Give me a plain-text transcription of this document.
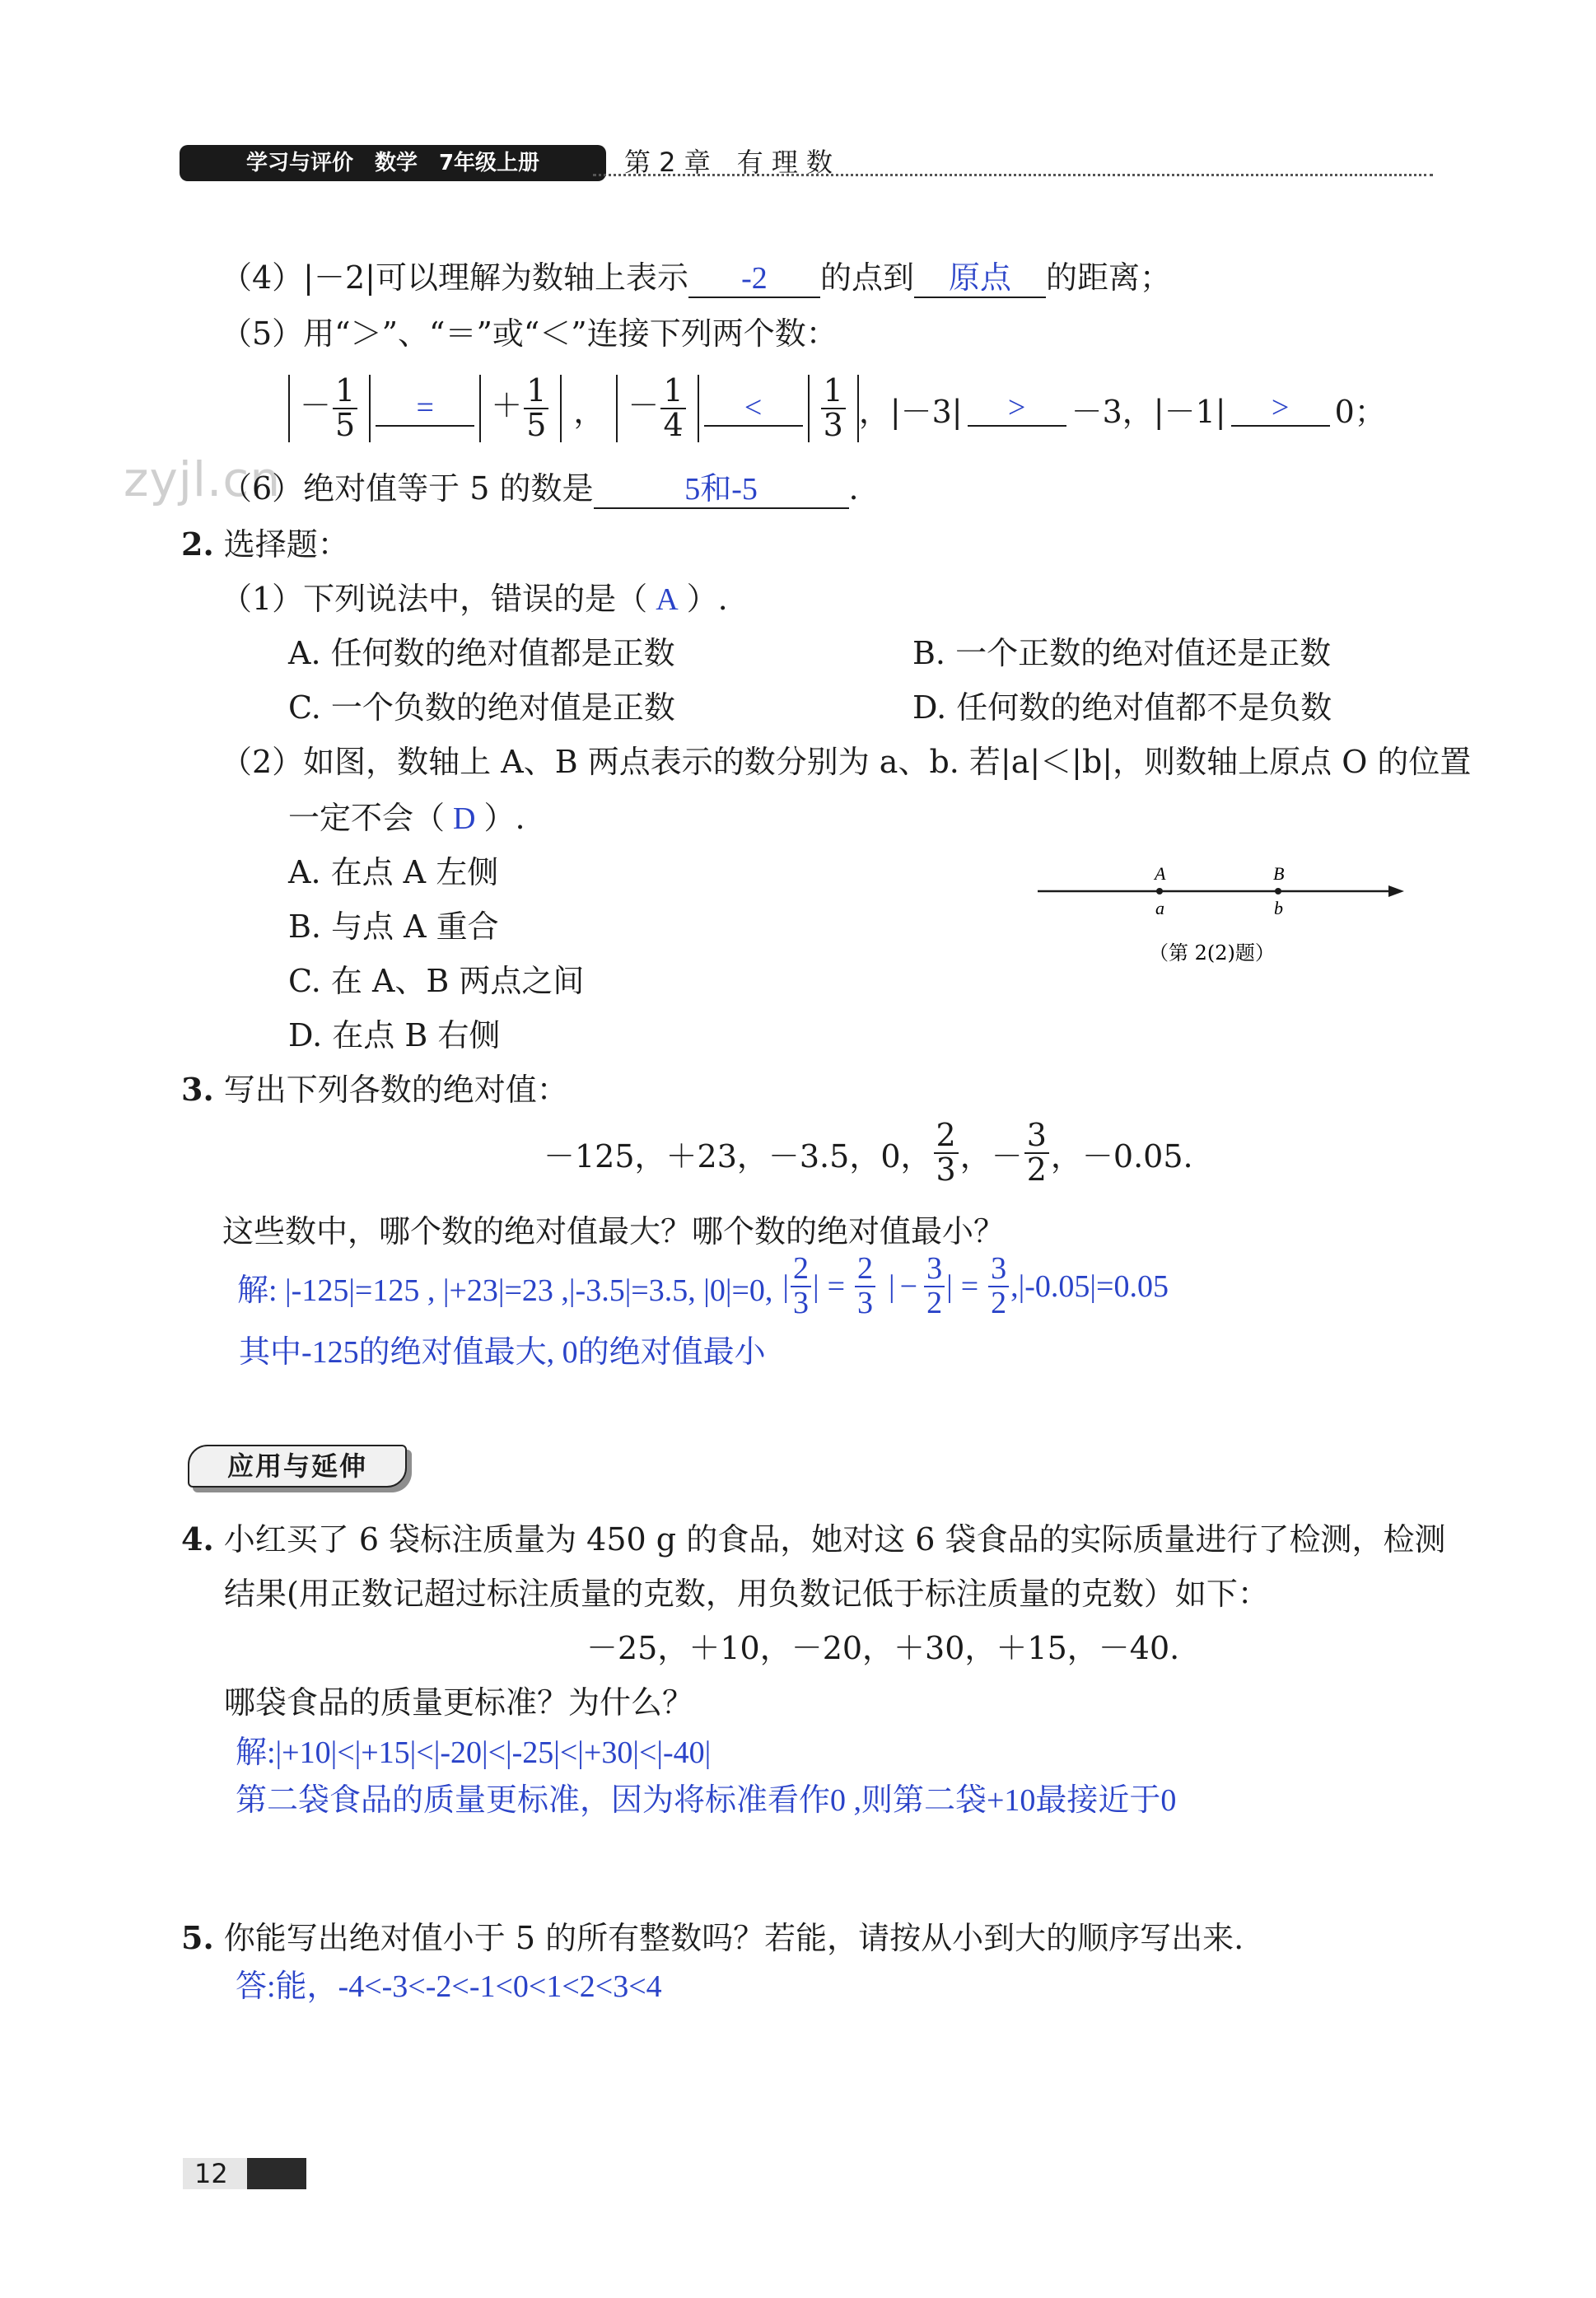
学习与评价　数学　7年级上册	第 2 章　有 理 数
zyjl.cn
（4）|－2|可以理解为数轴上表示 -2 的点到 原点 的距离；
（5）用“＞”、“＝”或“＜”连接下列两个数：
－ $\frac{1}{5}$	=	＋ $\frac{1}{5}$ ， － $\frac{1}{4}$	<	$\frac{1}{3}$ ，|－3|	>	－3，|－1|	>	0；
（6）绝对值等于 5 的数是	5和-5	.
2. 选择题：
（1）下列说法中，错误的是（ A ）.
A. 任何数的绝对值都是正数	B. 一个正数的绝对值还是正数
C. 一个负数的绝对值是正数	D. 任何数的绝对值都不是负数
（2）如图，数轴上 A、B 两点表示的数分别为 a、b. 若|a|＜|b|，则数轴上原点 O 的位置
一定不会（ D ）.
A. 在点 A 左侧
B. 与点 A 重合
C. 在 A、B 两点之间
D. 在点 B 右侧
A	B
a	b
（第 2(2)题）
3. 写出下列各数的绝对值：
－125，＋23，－3.5，0， $\frac{2}{3}$ ，－ $\frac{3}{2}$ ，－0.05.
这些数中，哪个数的绝对值最大？哪个数的绝对值最小？
解: |-125|=125 , |+23|=23 ,|-3.5|=3.5, |0|=0, | $\frac{2}{3}$ | = $\frac{2}{3}$ | − $\frac{3}{2}$ | = $\frac{3}{2} ,|-0.05|=0.05$
其中-125的绝对值最大, 0的绝对值最小
应用与延伸
4. 小红买了 6 袋标注质量为 450 g 的食品，她对这 6 袋食品的实际质量进行了检测，检测
结果(用正数记超过标注质量的克数，用负数记低于标注质量的克数）如下：
－25，＋10，－20，＋30，＋15，－40.
哪袋食品的质量更标准？为什么？
解:|+10|<|+15|<|-20|<|-25|<|+30|<|-40|
第二袋食品的质量更标准，因为将标准看作0 ,则第二袋+10最接近于0
5. 你能写出绝对值小于 5 的所有整数吗？若能，请按从小到大的顺序写出来.
答:能，-4<-3<-2<-1<0<1<2<3<4
12
